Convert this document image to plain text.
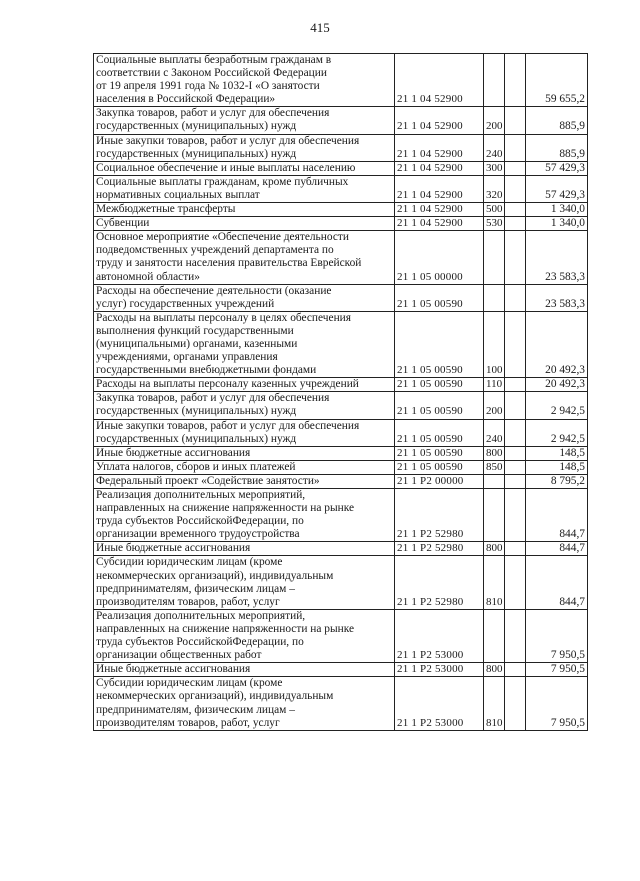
415
Социальные выплаты безработным гражданам в
соответствии с Законом Российской Федерации
от 19 апреля 1991 года № 1032-I «О занятости
населения в Российской Федерации»	21 1 04 52900			59 655,2
Закупка товаров, работ и услуг для обеспечения
государственных (муниципальных) нужд	21 1 04 52900	200		885,9
Иные закупки товаров, работ и услуг для обеспечения
государственных (муниципальных) нужд	21 1 04 52900	240		885,9
Социальное обеспечение и иные выплаты населению	21 1 04 52900	300		57 429,3
Социальные выплаты гражданам, кроме публичных
нормативных социальных выплат	21 1 04 52900	320		57 429,3
Межбюджетные трансферты	21 1 04 52900	500		1 340,0
Субвенции	21 1 04 52900	530		1 340,0
Основное мероприятие «Обеспечение деятельности
подведомственных учреждений департамента по
труду и занятости населения правительства Еврейской
автономной области»	21 1 05 00000			23 583,3
Расходы на обеспечение деятельности (оказание
услуг) государственных учреждений	21 1 05 00590			23 583,3
Расходы на выплаты персоналу в целях обеспечения
выполнения функций государственными
(муниципальными) органами, казенными
учреждениями, органами управления
государственными внебюджетными фондами	21 1 05 00590	100		20 492,3
Расходы на выплаты персоналу казенных учреждений	21 1 05 00590	110		20 492,3
Закупка товаров, работ и услуг для обеспечения
государственных (муниципальных) нужд	21 1 05 00590	200		2 942,5
Иные закупки товаров, работ и услуг для обеспечения
государственных (муниципальных) нужд	21 1 05 00590	240		2 942,5
Иные бюджетные ассигнования	21 1 05 00590	800		148,5
Уплата налогов, сборов и иных платежей	21 1 05 00590	850		148,5
Федеральный проект «Содействие занятости»	21 1 Р2 00000			8 795,2
Реализация дополнительных мероприятий,
направленных на снижение напряженности на рынке
труда субъектов РоссийскойФедерации, по
организации временного трудоустройства	21 1 Р2 52980			844,7
Иные бюджетные ассигнования	21 1 Р2 52980	800		844,7
Субсидии юридическим лицам (кроме
некоммерческих организаций), индивидуальным
предпринимателям, физическим лицам –
производителям товаров, работ, услуг	21 1 Р2 52980	810		844,7
Реализация дополнительных мероприятий,
направленных на снижение напряженности на рынке
труда субъектов РоссийскойФедерации, по
организации общественных работ	21 1 Р2 53000			7 950,5
Иные бюджетные ассигнования	21 1 Р2 53000	800		7 950,5
Субсидии юридическим лицам (кроме
некоммерческих организаций), индивидуальным
предпринимателям, физическим лицам –
производителям товаров, работ, услуг	21 1 Р2 53000	810		7 950,5
